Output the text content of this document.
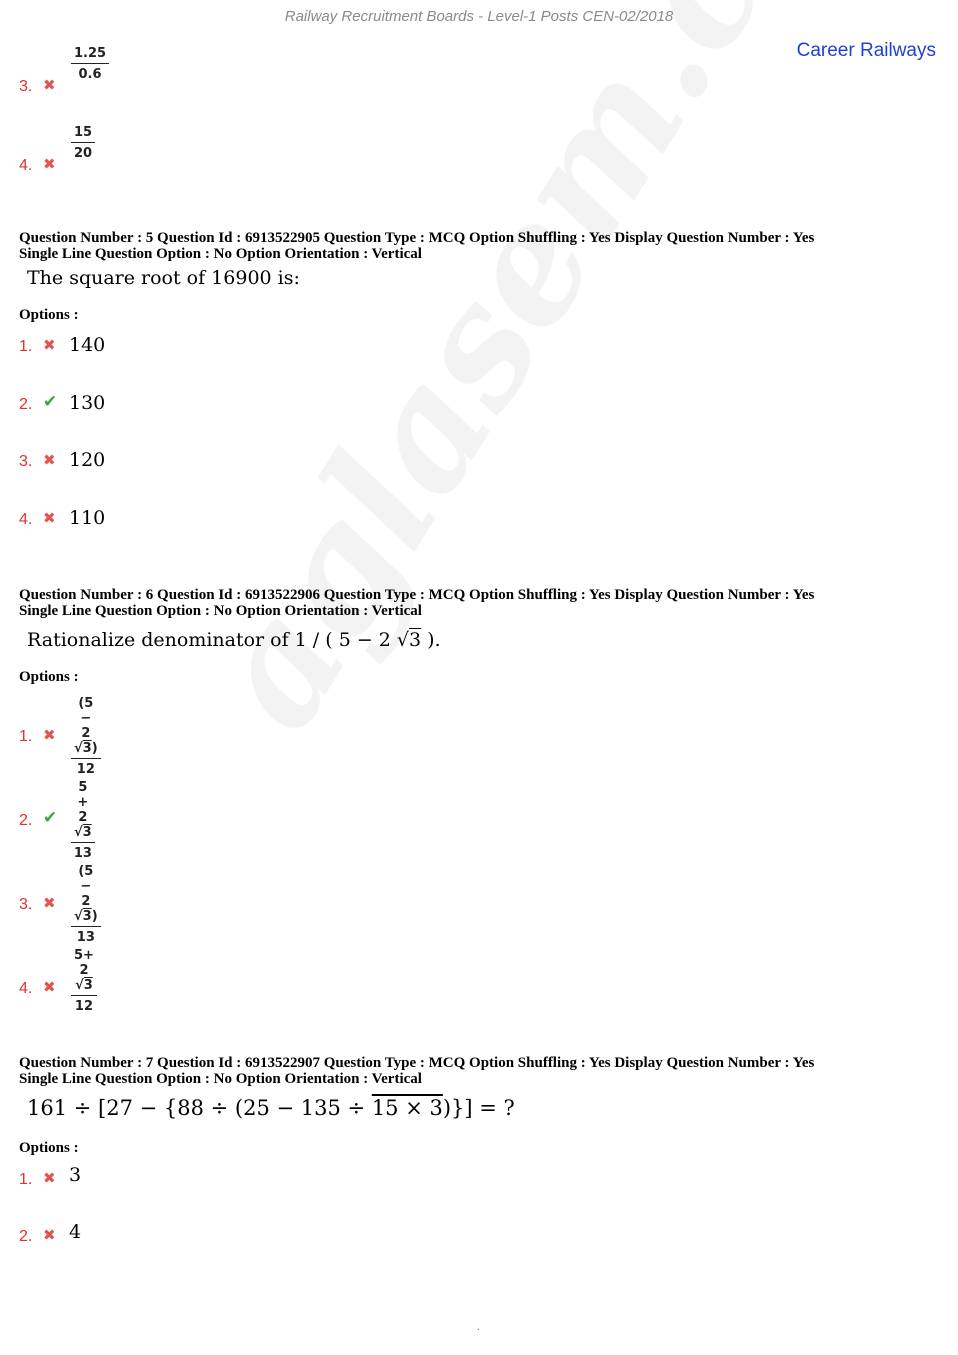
Railway Recruitment Boards - Level-1 Posts CEN-02/2018
Career Railways
3. ✖
$\frac{1.25}{0.6}$
4. ✖
$\frac{15}{20}$
Question Number : 5 Question Id : 6913522905 Question Type : MCQ Option Shuffling : Yes Display Question Number : Yes
Single Line Question Option : No Option Orientation : Vertical
The square root of 16900 is:
Options :
1. ✖ 140
2. ✔ 130
3. ✖ 120
4. ✖ 110
Question Number : 6 Question Id : 6913522906 Question Type : MCQ Option Shuffling : Yes Display Question Number : Yes
Single Line Question Option : No Option Orientation : Vertical
Rationalize denominator of 1 / ( 5 − 2 √3 ).
Options :
1. ✖ $\frac{(5 - 2 √3)}{12}$
2. ✔ $\frac{5 + 2 √3}{13}$
3. ✖ $\frac{(5 - 2 √3)}{13}$
4. ✖ $\frac{5+ 2 √3}{12}$
Question Number : 7 Question Id : 6913522907 Question Type : MCQ Option Shuffling : Yes Display Question Number : Yes
Single Line Question Option : No Option Orientation : Vertical
161 ÷ [27 − {88 ÷ (25 − 135 ÷ 15 × 3)}] = ?
Options :
1. ✖ 3
2. ✖ 4
.
